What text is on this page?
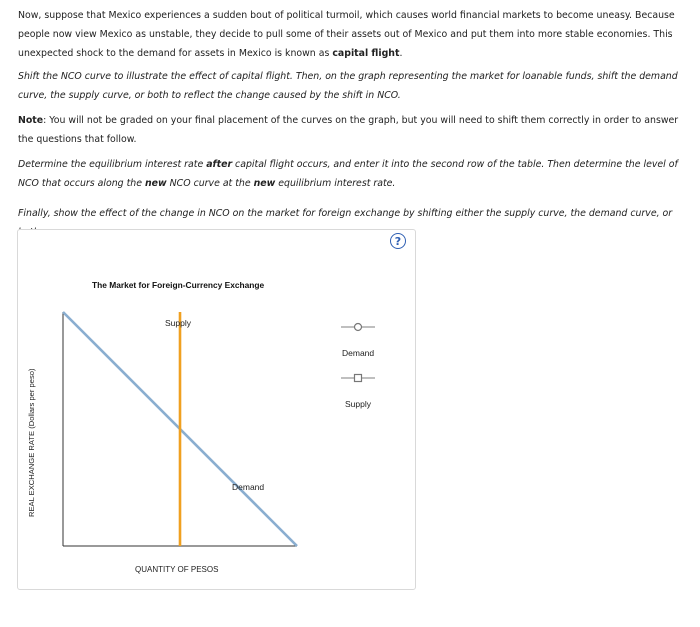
Now, suppose that Mexico experiences a sudden bout of political turmoil, which causes world financial markets to become uneasy. Because people now view Mexico as unstable, they decide to pull some of their assets out of Mexico and put them into more stable economies. This unexpected shock to the demand for assets in Mexico is known as capital flight.
Shift the NCO curve to illustrate the effect of capital flight. Then, on the graph representing the market for loanable funds, shift the demand curve, the supply curve, or both to reflect the change caused by the shift in NCO.
Note: You will not be graded on your final placement of the curves on the graph, but you will need to shift them correctly in order to answer the questions that follow.
Determine the equilibrium interest rate after capital flight occurs, and enter it into the second row of the table. Then determine the level of NCO that occurs along the new NCO curve at the new equilibrium interest rate.
Finally, show the effect of the change in NCO on the market for foreign exchange by shifting either the supply curve, the demand curve, or
?
The Market for Foreign-Currency Exchange
REAL EXCHANGE RATE (Dollars per peso)
QUANTITY OF PESOS
Supply
Demand
Demand
Supply
